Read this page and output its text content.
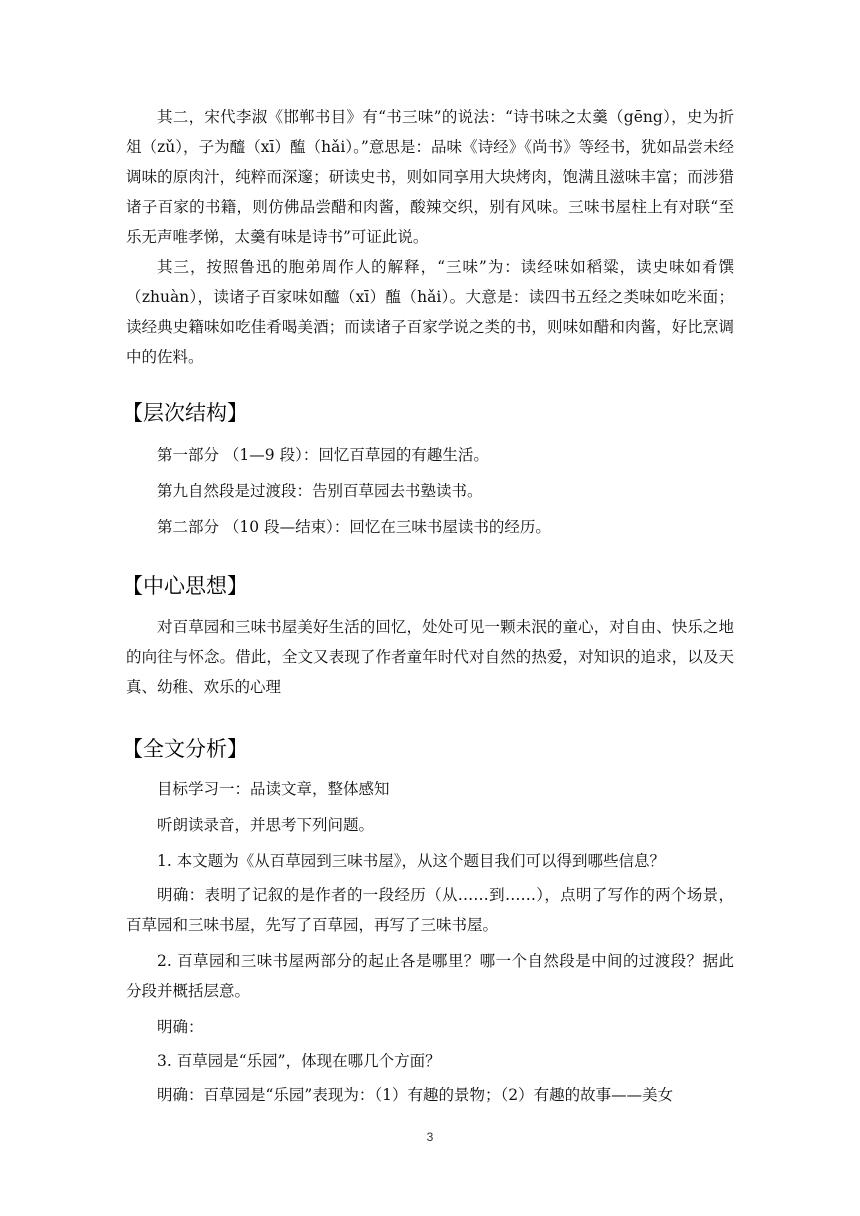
其二，宋代李淑《邯郸书目》有“书三味”的说法：“诗书味之太羹（gēng），史为折俎（zǔ），子为醯（xī）醢（hǎi）。”意思是：品味《诗经》《尚书》等经书，犹如品尝未经调味的原肉汁，纯粹而深邃；研读史书，则如同享用大块烤肉，饱满且滋味丰富；而涉猎诸子百家的书籍，则仿佛品尝醋和肉酱，酸辣交织，别有风味。三味书屋柱上有对联“至乐无声唯孝悌，太羹有味是诗书”可证此说。

其三，按照鲁迅的胞弟周作人的解释，“三味”为：读经味如稻粱，读史味如肴馔（zhuàn），读诸子百家味如醯（xī）醢（hǎi）。大意是：读四书五经之类味如吃米面；读经典史籍味如吃佳肴喝美酒；而读诸子百家学说之类的书，则味如醋和肉酱，好比烹调中的佐料。

【层次结构】

第一部分 （1—9 段）：回忆百草园的有趣生活。

第九自然段是过渡段：告别百草园去书塾读书。

第二部分 （10 段—结束）：回忆在三味书屋读书的经历。

【中心思想】

对百草园和三味书屋美好生活的回忆，处处可见一颗未泯的童心，对自由、快乐之地的向往与怀念。借此，全文又表现了作者童年时代对自然的热爱，对知识的追求，以及天真、幼稚、欢乐的心理

【全文分析】

目标学习一：品读文章，整体感知

听朗读录音，并思考下列问题。

1. 本文题为《从百草园到三味书屋》，从这个题目我们可以得到哪些信息？

明确：表明了记叙的是作者的一段经历（从……到……），点明了写作的两个场景，百草园和三味书屋，先写了百草园，再写了三味书屋。

2. 百草园和三味书屋两部分的起止各是哪里？哪一个自然段是中间的过渡段？据此分段并概括层意。

明确：

3. 百草园是“乐园”，体现在哪几个方面？

明确：百草园是“乐园”表现为：（1）有趣的景物；（2）有趣的故事——美女

3
